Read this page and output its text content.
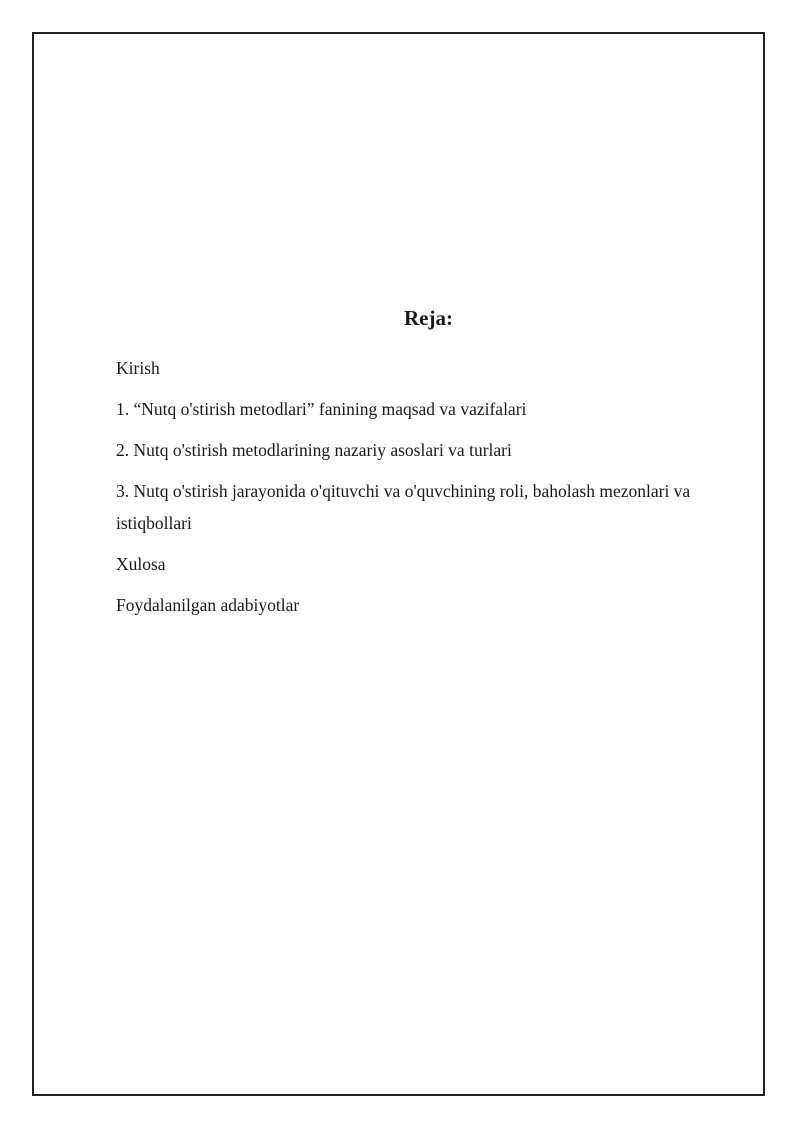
Reja:
Kirish
1. “Nutq o'stirish metodlari” fanining maqsad va vazifalari
2. Nutq o'stirish metodlarining nazariy asoslari va turlari
3. Nutq o'stirish jarayonida o'qituvchi va o'quvchining roli, baholash mezonlari va istiqbollari
Xulosa
Foydalanilgan adabiyotlar
